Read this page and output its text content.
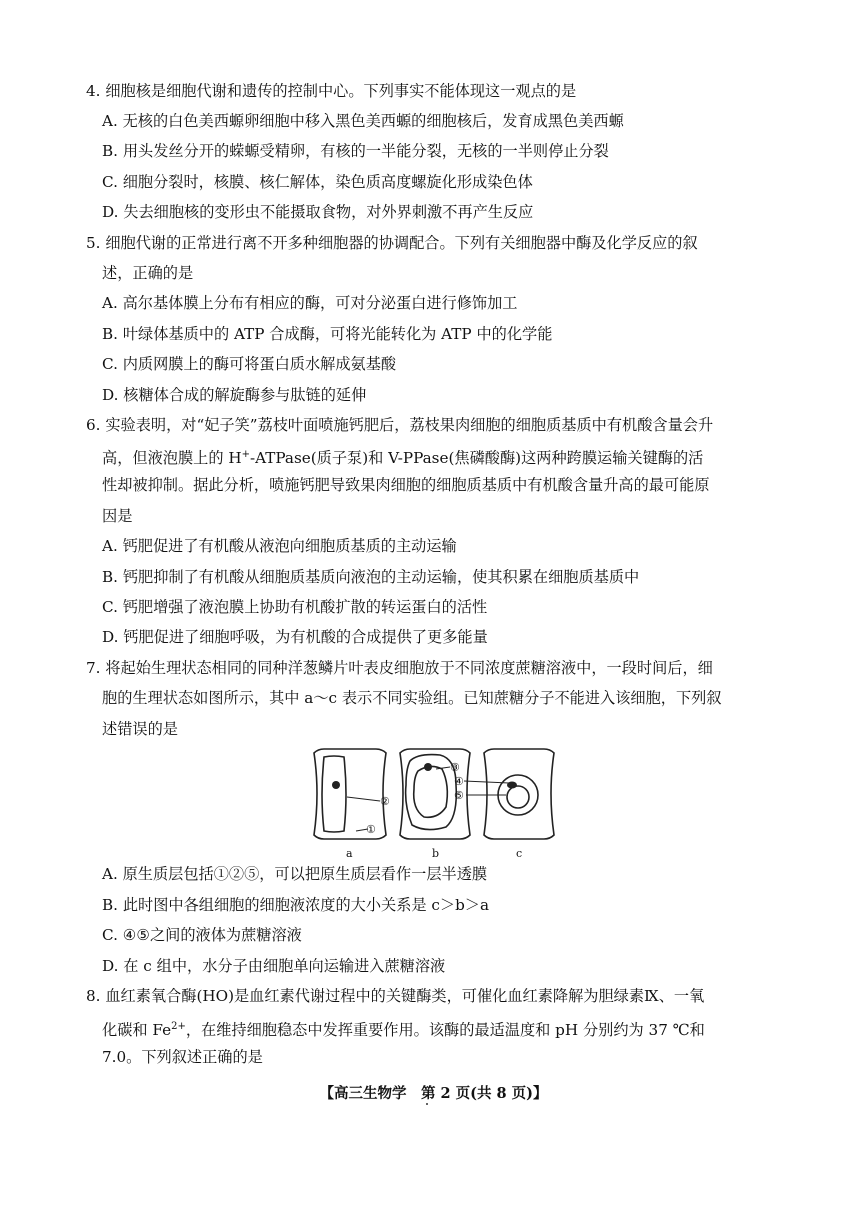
4. 细胞核是细胞代谢和遗传的控制中心。下列事实不能体现这一观点的是
A. 无核的白色美西螈卵细胞中移入黑色美西螈的细胞核后，发育成黑色美西螈
B. 用头发丝分开的蝾螈受精卵，有核的一半能分裂，无核的一半则停止分裂
C. 细胞分裂时，核膜、核仁解体，染色质高度螺旋化形成染色体
D. 失去细胞核的变形虫不能摄取食物，对外界刺激不再产生反应
5. 细胞代谢的正常进行离不开多种细胞器的协调配合。下列有关细胞器中酶及化学反应的叙
述，正确的是
A. 高尔基体膜上分布有相应的酶，可对分泌蛋白进行修饰加工
B. 叶绿体基质中的 ATP 合成酶，可将光能转化为 ATP 中的化学能
C. 内质网膜上的酶可将蛋白质水解成氨基酸
D. 核糖体合成的解旋酶参与肽链的延伸
6. 实验表明，对“妃子笑”荔枝叶面喷施钙肥后，荔枝果肉细胞的细胞质基质中有机酸含量会升
高，但液泡膜上的 H+-ATPase(质子泵)和 V-PPase(焦磷酸酶)这两种跨膜运输关键酶的活
性却被抑制。据此分析，喷施钙肥导致果肉细胞的细胞质基质中有机酸含量升高的最可能原
因是
A. 钙肥促进了有机酸从液泡向细胞质基质的主动运输
B. 钙肥抑制了有机酸从细胞质基质向液泡的主动运输，使其积累在细胞质基质中
C. 钙肥增强了液泡膜上协助有机酸扩散的转运蛋白的活性
D. 钙肥促进了细胞呼吸，为有机酸的合成提供了更多能量
7. 将起始生理状态相同的同种洋葱鳞片叶表皮细胞放于不同浓度蔗糖溶液中，一段时间后，细
胞的生理状态如图所示，其中 a～c 表示不同实验组。已知蔗糖分子不能进入该细胞，下列叙
述错误的是
②
①
③
④
⑤
a	b	c
A. 原生质层包括①②⑤，可以把原生质层看作一层半透膜
B. 此时图中各组细胞的细胞液浓度的大小关系是 c＞b＞a
C. ④⑤之间的液体为蔗糖溶液
D. 在 c 组中，水分子由细胞单向运输进入蔗糖溶液
8. 血红素氧合酶(HO)是血红素代谢过程中的关键酶类，可催化血红素降解为胆绿素Ⅸ、一氧
化碳和 $Fe^{2+}$，在维持细胞稳态中发挥重要作用。该酶的最适温度和 pH 分别约为 37 ℃和
7.0。下列叙述正确的是
【高三生物学　第 2 页(共 8 页)】
